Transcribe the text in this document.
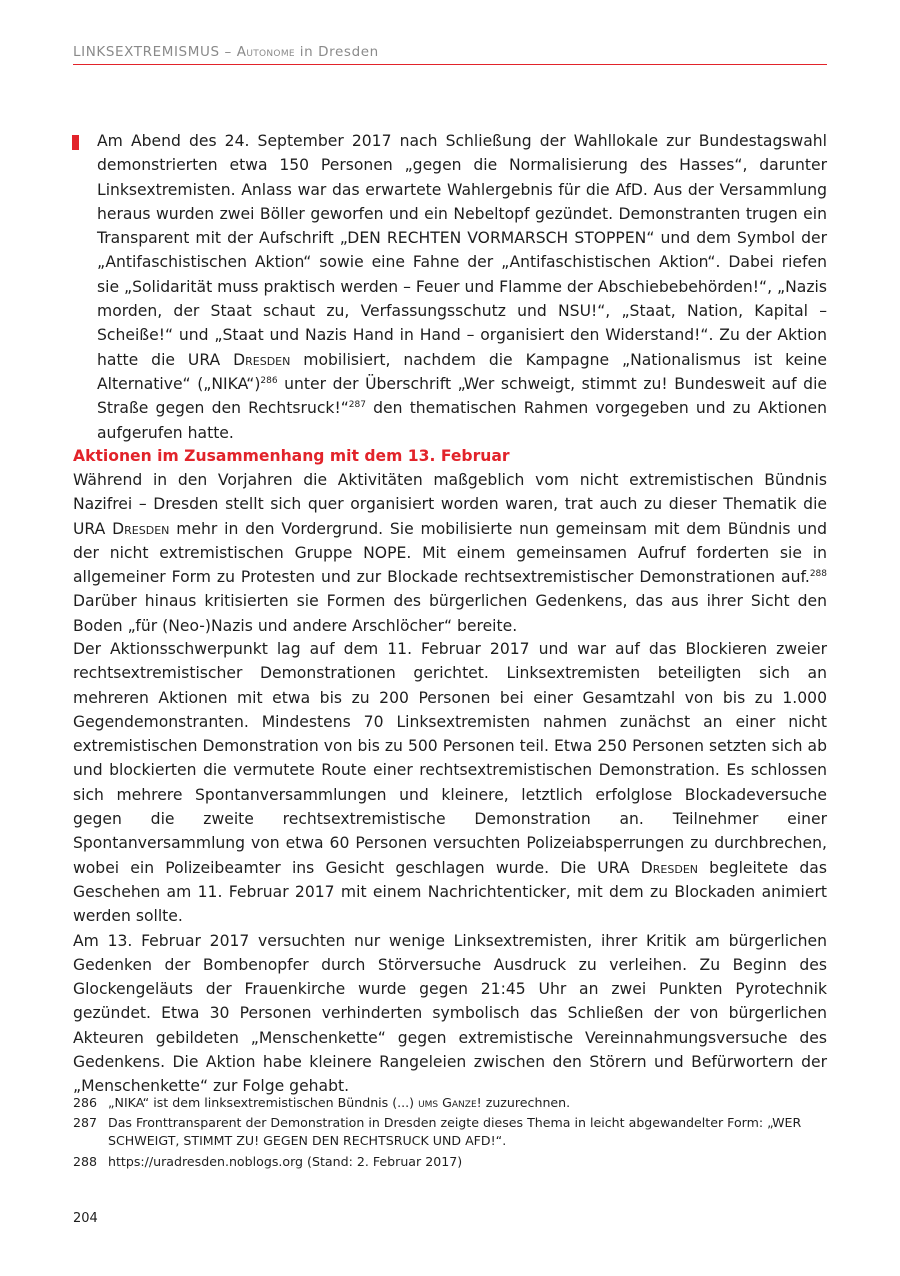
LINKSEXTREMISMUS – Autonome in Dresden

Am Abend des 24. September 2017 nach Schließung der Wahllokale zur Bundestagswahl demonstrierten etwa 150 Personen „gegen die Normalisierung des Hasses“, darunter Linksextremisten. Anlass war das erwartete Wahlergebnis für die AfD. Aus der Versammlung heraus wurden zwei Böller geworfen und ein Nebeltopf gezündet. Demonstranten trugen ein Transparent mit der Aufschrift „DEN RECHTEN VORMARSCH STOPPEN“ und dem Symbol der „Antifaschistischen Aktion“ sowie eine Fahne der „Antifaschistischen Aktion“. Dabei riefen sie „Solidarität muss praktisch werden – Feuer und Flamme der Abschiebebehörden!“, „Nazis morden, der Staat schaut zu, Verfassungsschutz und NSU!“, „Staat, Nation, Kapital – Scheiße!“ und „Staat und Nazis Hand in Hand – organisiert den Widerstand!“. Zu der Aktion hatte die URA Dresden mobilisiert, nachdem die Kampagne „Nationalismus ist keine Alternative“ („NIKA“)$^{286}$ unter der Überschrift „Wer schweigt, stimmt zu! Bundesweit auf die Straße gegen den Rechtsruck!“$^{287}$ den thematischen Rahmen vorgegeben und zu Aktionen aufgerufen hatte.

Aktionen im Zusammenhang mit dem 13. Februar

Während in den Vorjahren die Aktivitäten maßgeblich vom nicht extremistischen Bündnis Nazifrei – Dresden stellt sich quer organisiert worden waren, trat auch zu dieser Thematik die URA Dresden mehr in den Vordergrund. Sie mobilisierte nun gemeinsam mit dem Bündnis und der nicht extremistischen Gruppe NOPE. Mit einem gemeinsamen Aufruf forderten sie in allgemeiner Form zu Protesten und zur Blockade rechtsextremistischer Demonstrationen auf.$^{288}$ Darüber hinaus kritisierten sie Formen des bürgerlichen Gedenkens, das aus ihrer Sicht den Boden „für (Neo-)Nazis und andere Arschlöcher“ bereite.

Der Aktionsschwerpunkt lag auf dem 11. Februar 2017 und war auf das Blockieren zweier rechtsextremistischer Demonstrationen gerichtet. Linksextremisten beteiligten sich an mehreren Aktionen mit etwa bis zu 200 Personen bei einer Gesamtzahl von bis zu 1.000 Gegendemonstranten. Mindestens 70 Linksextremisten nahmen zunächst an einer nicht extremistischen Demonstration von bis zu 500 Personen teil. Etwa 250 Personen setzten sich ab und blockierten die vermutete Route einer rechtsextremistischen Demonstration. Es schlossen sich mehrere Spontanversammlungen und kleinere, letztlich erfolglose Blockadeversuche gegen die zweite rechtsextremistische Demonstration an. Teilnehmer einer Spontanversammlung von etwa 60 Personen versuchten Polizeiabsperrungen zu durchbrechen, wobei ein Polizeibeamter ins Gesicht geschlagen wurde. Die URA Dresden begleitete das Geschehen am 11. Februar 2017 mit einem Nachrichtenticker, mit dem zu Blockaden animiert werden sollte.

Am 13. Februar 2017 versuchten nur wenige Linksextremisten, ihrer Kritik am bürgerlichen Gedenken der Bombenopfer durch Störversuche Ausdruck zu verleihen. Zu Beginn des Glockengeläuts der Frauenkirche wurde gegen 21:45 Uhr an zwei Punkten Pyrotechnik gezündet. Etwa 30 Personen verhinderten symbolisch das Schließen der von bürgerlichen Akteuren gebildeten „Menschenkette“ gegen extremistische Vereinnahmungsversuche des Gedenkens. Die Aktion habe kleinere Rangeleien zwischen den Störern und Befürwortern der „Menschenkette“ zur Folge gehabt.

286 „NIKA“ ist dem linksextremistischen Bündnis (...) ums Ganze! zuzurechnen.
287 Das Fronttransparent der Demonstration in Dresden zeigte dieses Thema in leicht abgewandelter Form: „WER SCHWEIGT, STIMMT ZU! GEGEN DEN RECHTSRUCK UND AFD!“.
288 https://uradresden.noblogs.org (Stand: 2. Februar 2017)
204
